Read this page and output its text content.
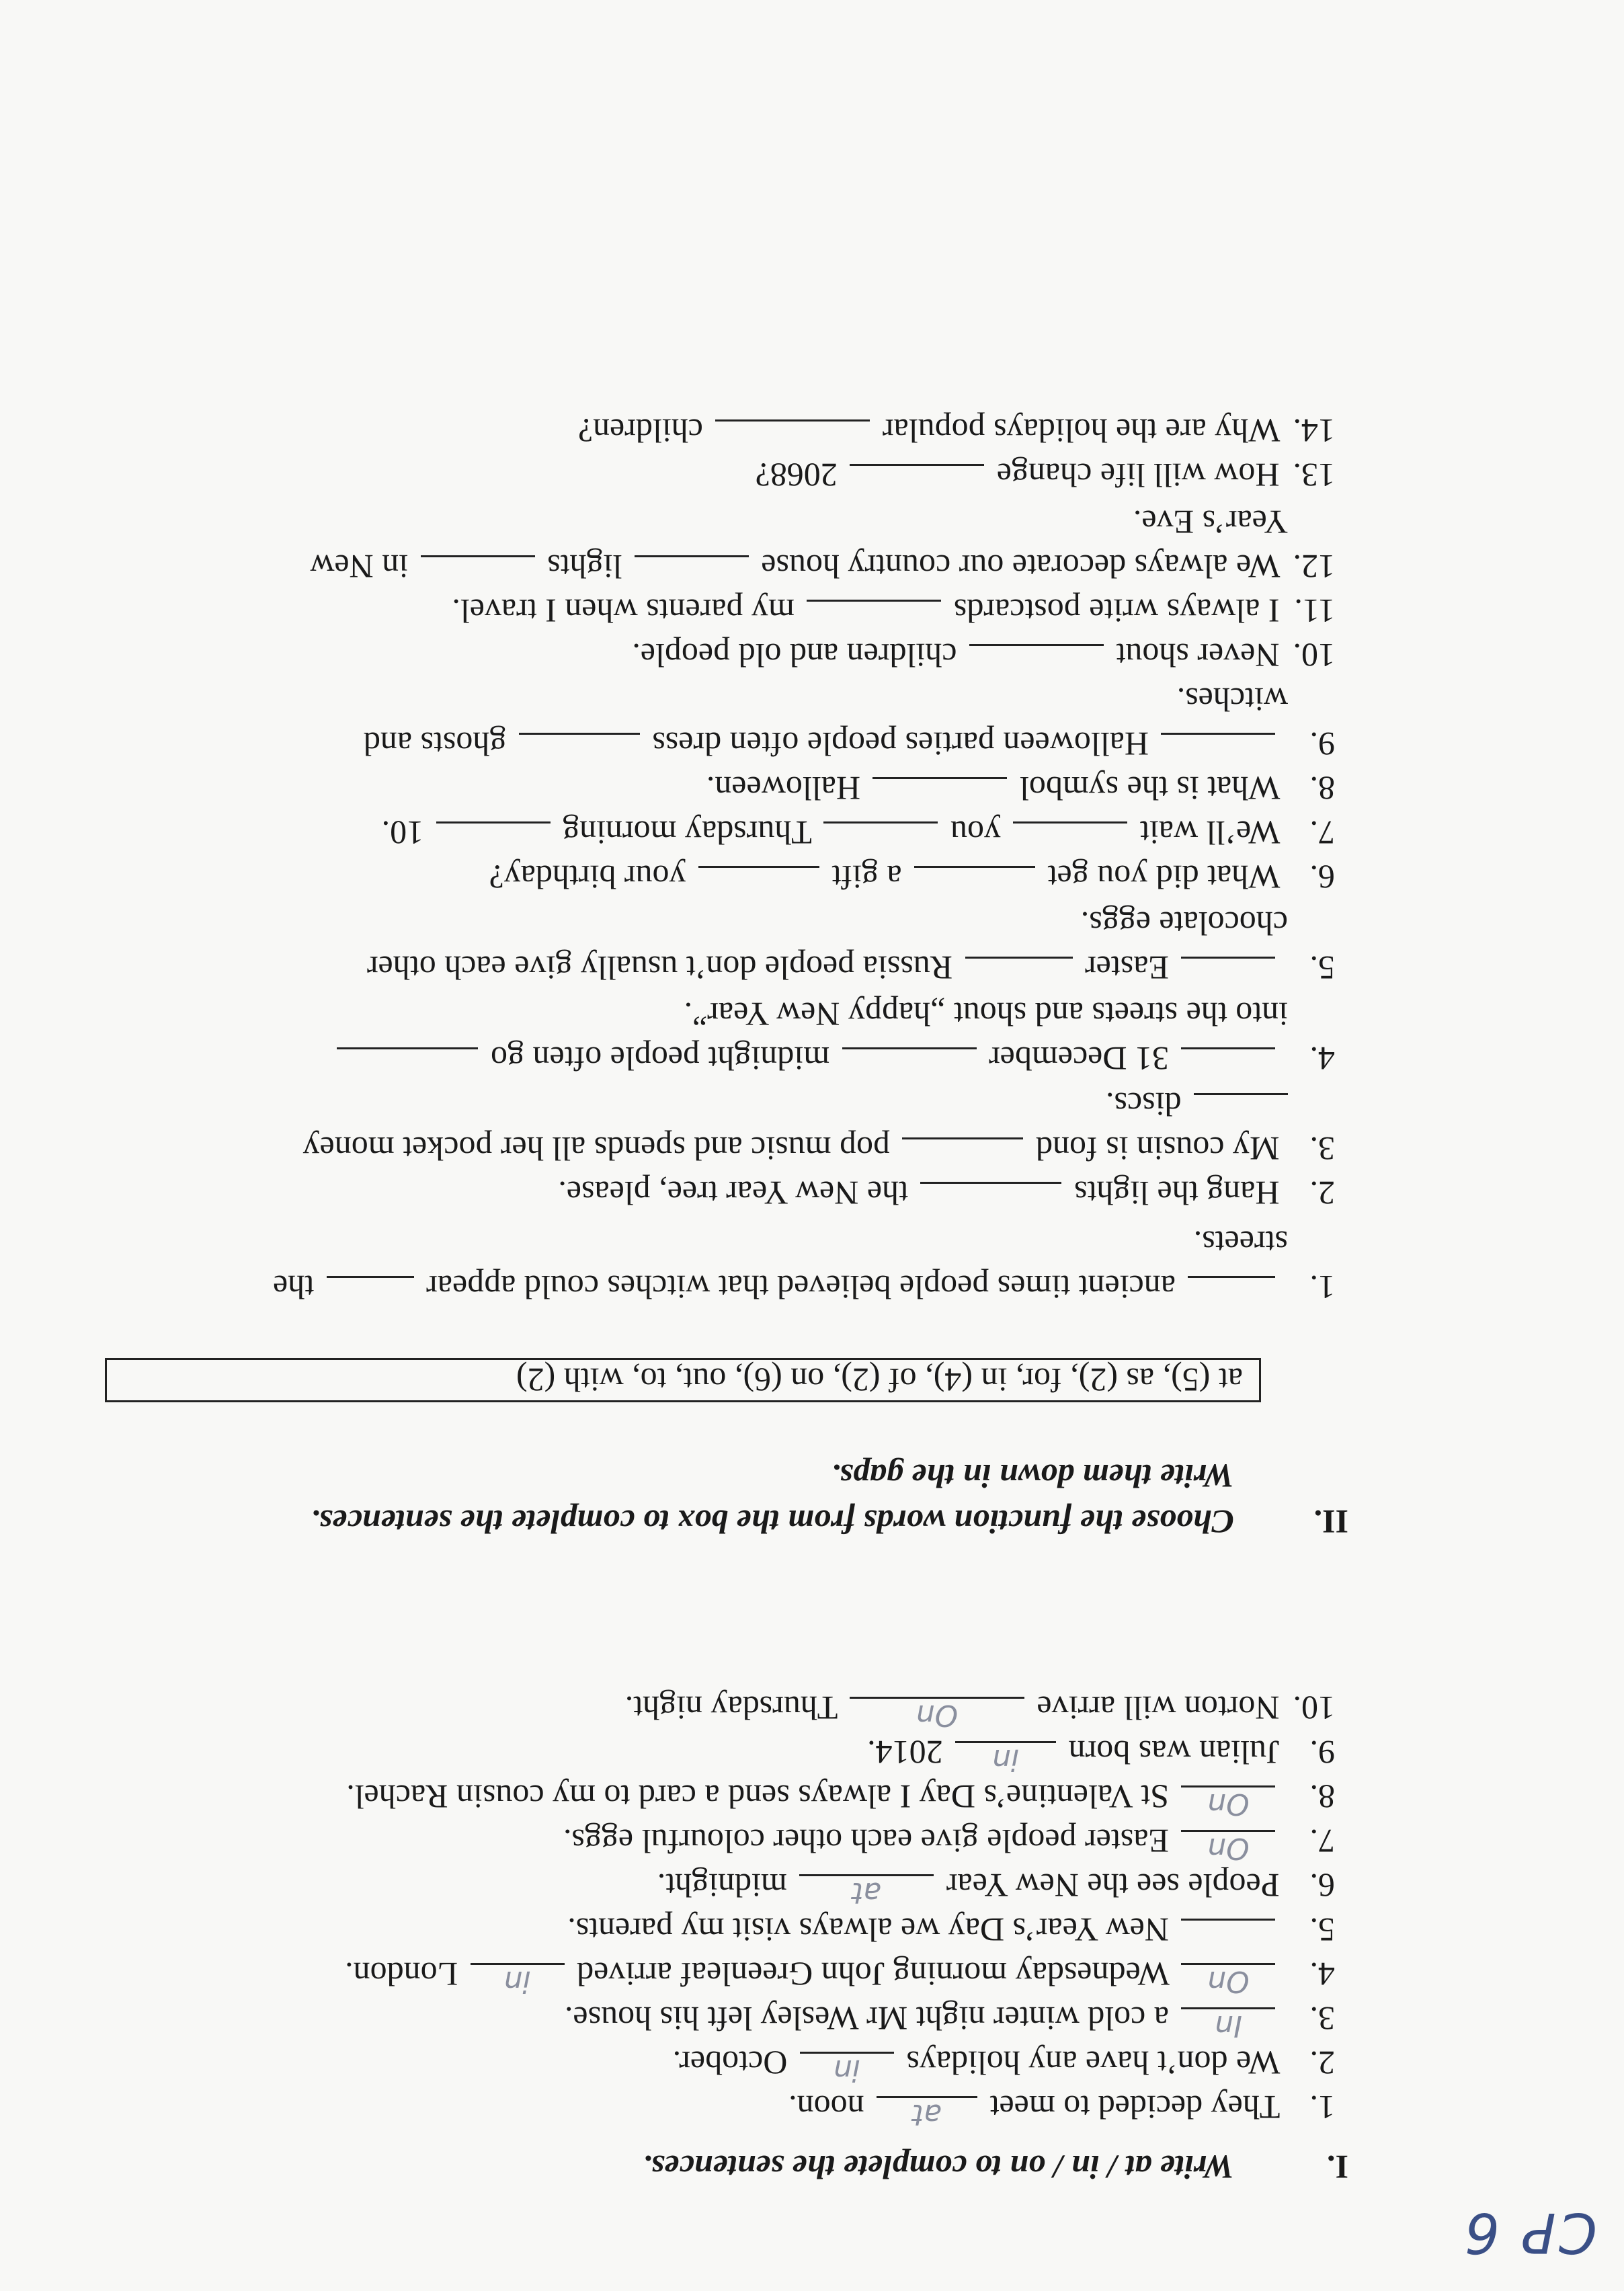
CP 6
I.Write at / in / on to complete the sentences.
1. They decided to meet
at
noon.
2. We don’t have any holidays
in
October.
3.
In
a cold winter night Mr Wesley left his house.
4.
On
Wednesday morning John Greenleaf arrived
in
London.
5.
New Year’s Day we always visit my parents.
6. People see the New Year
at
midnight.
7.
On
Easter people give each other colourful eggs.
8.
On
St Valentine’s Day I always send a card to my cousin Rachel.
9. Julian was born
in
2014.
10. Norton will arrive
On
Thursday night.
II.Choose the function words from the box to complete the sentences.
Write them down in the gaps.
at (5), as (2), for, in (4), of (2), on (6), out, to, with (2)
1.  ancient times people believed that witches could appear  the
streets.
2. Hang the lights  the New Year tree, please.
3. My cousin is fond  pop music and spends all her pocket money
discs.
4.  31 December  midnight people often go
into the streets and shout „happy New Year”.
5.  Easter  Russia people don’t usually give each other
chocolate eggs.
6. What did you get  a gift  your birthday?
7. We’ll wait  you  Thursday morning  10.
8. What is the symbol  Halloween.
9.  Halloween parties people often dress  ghosts and
witches.
10. Never shout  children and old people.
11. I always write postcards  my parents when I travel.
12. We always decorate our country house  lights  in New
Year’s Eve.
13. How will life change  2068?
14. Why are the holidays popular  children?
